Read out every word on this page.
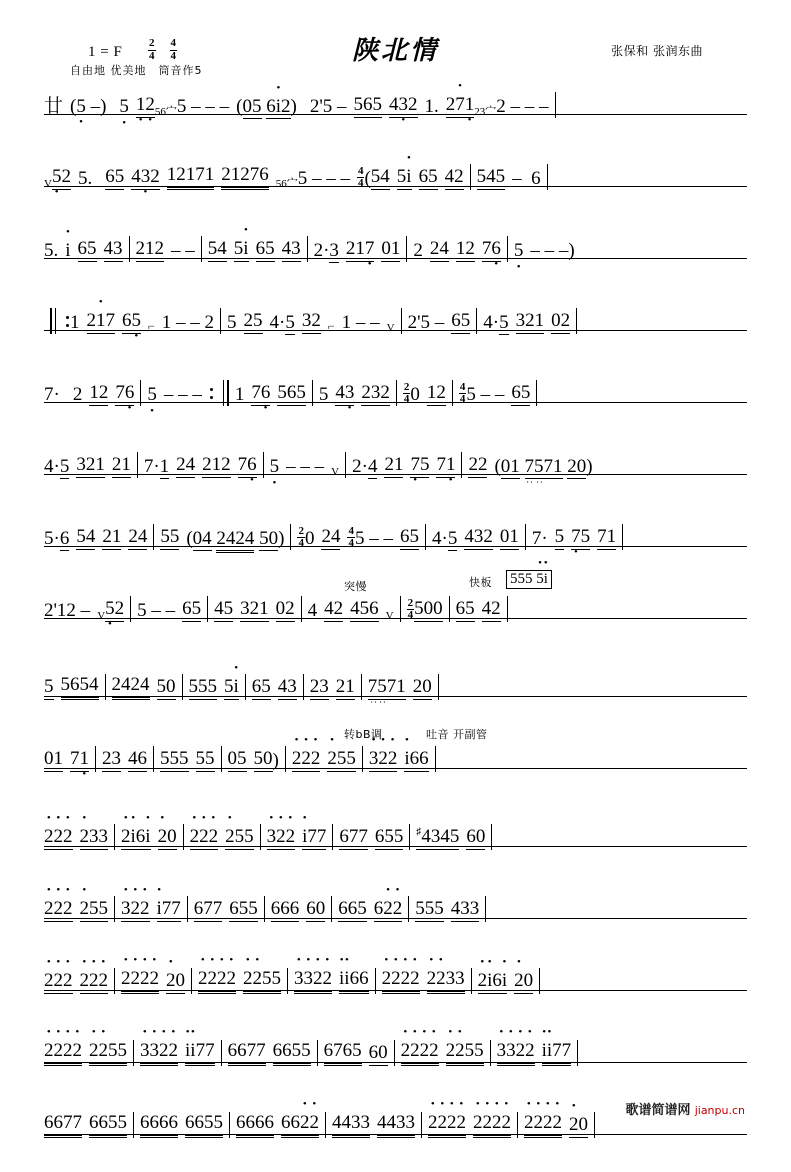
1 = F $\frac{2}{4} \frac{4}{4}$
自由地 优美地　筒音作5
陕北情	张保和 张润东曲
廿 (5 • –) 5 • 1 •2 • 56 宀 5 – – – (05 6• i2) 2'5 – 565 43 •2 1. 2• 71 • 23 宀 2 – – –
V 5 •2 5. 65 43 •2 12171 21276 56 宀 5 – – – $\frac{4}{4}$ ( 54 5• i 65 42 545 –  6
5. • i 65 43 212 – – 54 5• i 65 43 2·3 217 • 01 2 24 12 76 • 5 • – – –)
1 2• 17 65 • ⌐ 1 – – 2 5 25 4·5 32 ⌐ 1 – – V 2'5 – 65 4·5 321 02
7· 2 12 76 • 5 • – – – 1 76 • 565 5 43 • $232 \frac{2}{4} 0$ $12 \frac{4}{4} 5$ – – 65
4·5 321 21 7·1 24 212 76 • 5 • – – – V 2·4 21 7 •5 71 • 22 (01 7 :5 :71 20)
5·6 54 21 24 55 (04 2424 $50) \frac{2}{4} 0$ $24 \frac{4}{4} 5$ – – 65 4·5 432 01 7· 5 7 •5 71
突慢	快板 555 • 5• i
2'12 – V 5 •2 5 – – 65 45 321 02 4 42 456 V $\frac{2}{4} 500$ 65 42
5 5654 2424 50 555 5• i 65 43 23 21 7 :5 :71 20
转bB调	吐音 开副管
01 71 • 23 46 555 55 05 50 ) • 2• 2• 2 • 255 • 3• 2• 2 • i66
• 2• 2• 2 • 233 • 2• i6• i • 20 • 2• 2• 2 • 255 • 3• 2• 2 • i77 677 655 ♯4345 60
• 2• 2• 2 • 255 • 3• 2• 2 • i77 677 655 666 60 665 6• 2• 2 555 433
• 2• 2• 2 • 2• 2• 2 • 2• 2• 2• 2 • 20 • 2• 2• 2• 2 • 2• 255 • 3• 3• 2• 2 • i• i66 • 2• 2• 2• 2 • 2• 233 • 2• i6• i • 20
• 2• 2• 2• 2 • 2• 255 • 3• 3• 2• 2 • i• i77 6677 6655 6765 60 • 2• 2• 2• 2 • 2• 255 • 3• 3• 2• 2 • i• i77
6677 6655 6666 6655 6666 66• 2• 2 4433 4433 • 2• 2• 2• 2 • 2• 2• 2• 2 • 2• 2• 2• 2 • 20
歌谱简谱网 jianpu.cn
